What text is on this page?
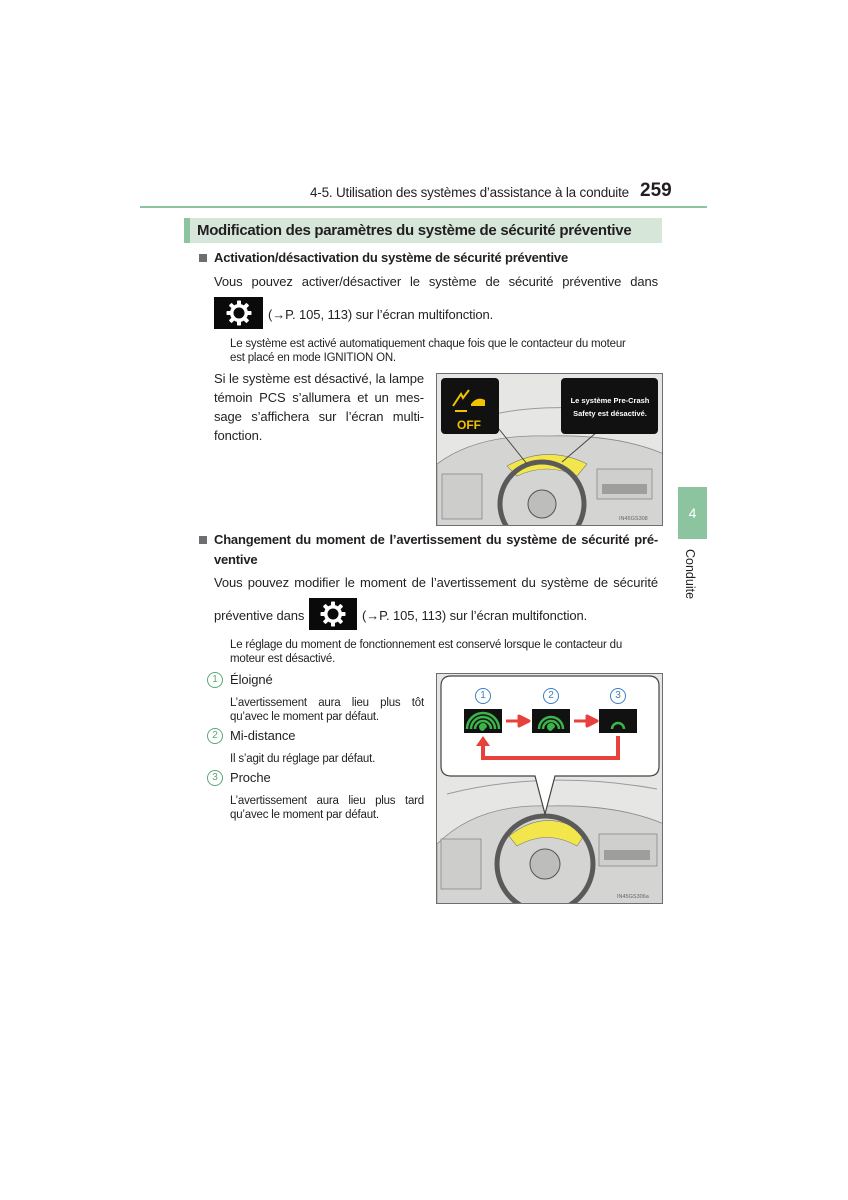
4-5. Utilisation des systèmes d’assistance à la conduite 259
Modification des paramètres du système de sécurité préventive
Activation/désactivation du système de sécurité préventive
Vous pouvez activer/désactiver le système de sécurité préventive dans
(→P. 105, 113) sur l’écran multifonction.
Le système est activé automatiquement chaque fois que le contacteur du moteur
est placé en mode IGNITION ON.
Si le système est désactivé, la lampe
témoin PCS s’allumera et un mes-
sage s’affichera sur l’écran multi-
fonction.
OFF
Le système Pre-Crash
Safety est désactivé.
IN45GS308
Changement du moment de l’avertissement du système de sécurité pré-
ventive
Vous pouvez modifier le moment de l’avertissement du système de sécurité
préventive dans	(→P. 105, 113) sur l’écran multifonction.
Le réglage du moment de fonctionnement est conservé lorsque le contacteur du
moteur est désactivé.
1 Éloigné
L’avertissement aura lieu plus tôt
qu’avec le moment par défaut.
2 Mi-distance
Il s’agit du réglage par défaut.
3 Proche
L’avertissement aura lieu plus tard
qu’avec le moment par défaut.
1	2	3
IN45GS306a
4
Conduite
